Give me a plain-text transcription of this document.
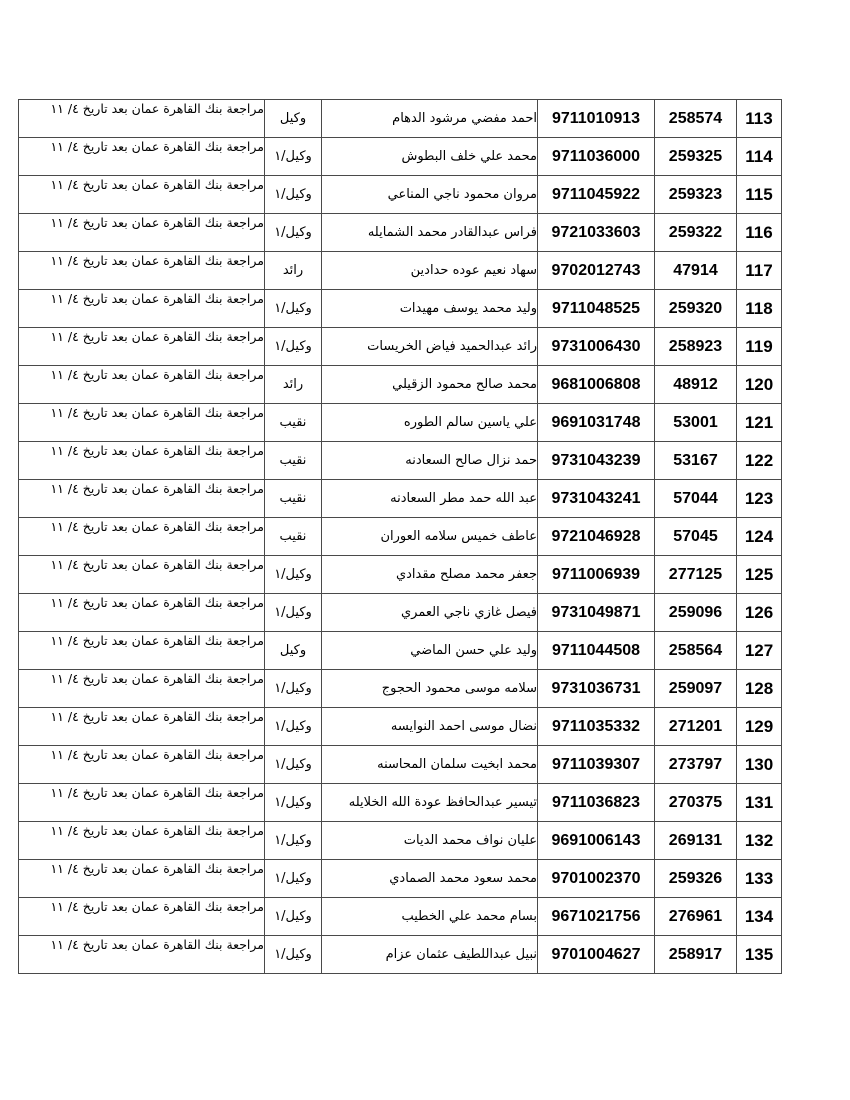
113	258574	9711010913	احمد مفضي مرشود الدهام	وكيل	مراجعة بنك القاهرة عمان بعد تاريخ ٤/ ١١
114	259325	9711036000	محمد علي خلف البطوش	وكيل/١	مراجعة بنك القاهرة عمان بعد تاريخ ٤/ ١١
115	259323	9711045922	مروان محمود ناجي المناعي	وكيل/١	مراجعة بنك القاهرة عمان بعد تاريخ ٤/ ١١
116	259322	9721033603	فراس عبدالقادر محمد الشمايله	وكيل/١	مراجعة بنك القاهرة عمان بعد تاريخ ٤/ ١١
117	47914	9702012743	سهاد نعيم عوده حدادين	رائد	مراجعة بنك القاهرة عمان بعد تاريخ ٤/ ١١
118	259320	9711048525	وليد محمد يوسف مهيدات	وكيل/١	مراجعة بنك القاهرة عمان بعد تاريخ ٤/ ١١
119	258923	9731006430	رائد عبدالحميد فياض الخريسات	وكيل/١	مراجعة بنك القاهرة عمان بعد تاريخ ٤/ ١١
120	48912	9681006808	محمد صالح محمود الزقيلي	رائد	مراجعة بنك القاهرة عمان بعد تاريخ ٤/ ١١
121	53001	9691031748	علي ياسين سالم الطوره	نقيب	مراجعة بنك القاهرة عمان بعد تاريخ ٤/ ١١
122	53167	9731043239	حمد نزال صالح السعادنه	نقيب	مراجعة بنك القاهرة عمان بعد تاريخ ٤/ ١١
123	57044	9731043241	عبد الله حمد مطر السعادنه	نقيب	مراجعة بنك القاهرة عمان بعد تاريخ ٤/ ١١
124	57045	9721046928	عاطف خميس سلامه العوران	نقيب	مراجعة بنك القاهرة عمان بعد تاريخ ٤/ ١١
125	277125	9711006939	جعفر محمد مصلح مقدادي	وكيل/١	مراجعة بنك القاهرة عمان بعد تاريخ ٤/ ١١
126	259096	9731049871	فيصل غازي ناجي العمري	وكيل/١	مراجعة بنك القاهرة عمان بعد تاريخ ٤/ ١١
127	258564	9711044508	وليد علي حسن الماضي	وكيل	مراجعة بنك القاهرة عمان بعد تاريخ ٤/ ١١
128	259097	9731036731	سلامه موسى محمود الحجوج	وكيل/١	مراجعة بنك القاهرة عمان بعد تاريخ ٤/ ١١
129	271201	9711035332	نضال موسى احمد النوايسه	وكيل/١	مراجعة بنك القاهرة عمان بعد تاريخ ٤/ ١١
130	273797	9711039307	محمد ابخيت سلمان المحاسنه	وكيل/١	مراجعة بنك القاهرة عمان بعد تاريخ ٤/ ١١
131	270375	9711036823	تيسير عبدالحافظ عودة الله الخلايله	وكيل/١	مراجعة بنك القاهرة عمان بعد تاريخ ٤/ ١١
132	269131	9691006143	عليان نواف محمد الديات	وكيل/١	مراجعة بنك القاهرة عمان بعد تاريخ ٤/ ١١
133	259326	9701002370	محمد سعود محمد الصمادي	وكيل/١	مراجعة بنك القاهرة عمان بعد تاريخ ٤/ ١١
134	276961	9671021756	بسام محمد علي الخطيب	وكيل/١	مراجعة بنك القاهرة عمان بعد تاريخ ٤/ ١١
135	258917	9701004627	نبيل عبداللطيف عثمان عزام	وكيل/١	مراجعة بنك القاهرة عمان بعد تاريخ ٤/ ١١
